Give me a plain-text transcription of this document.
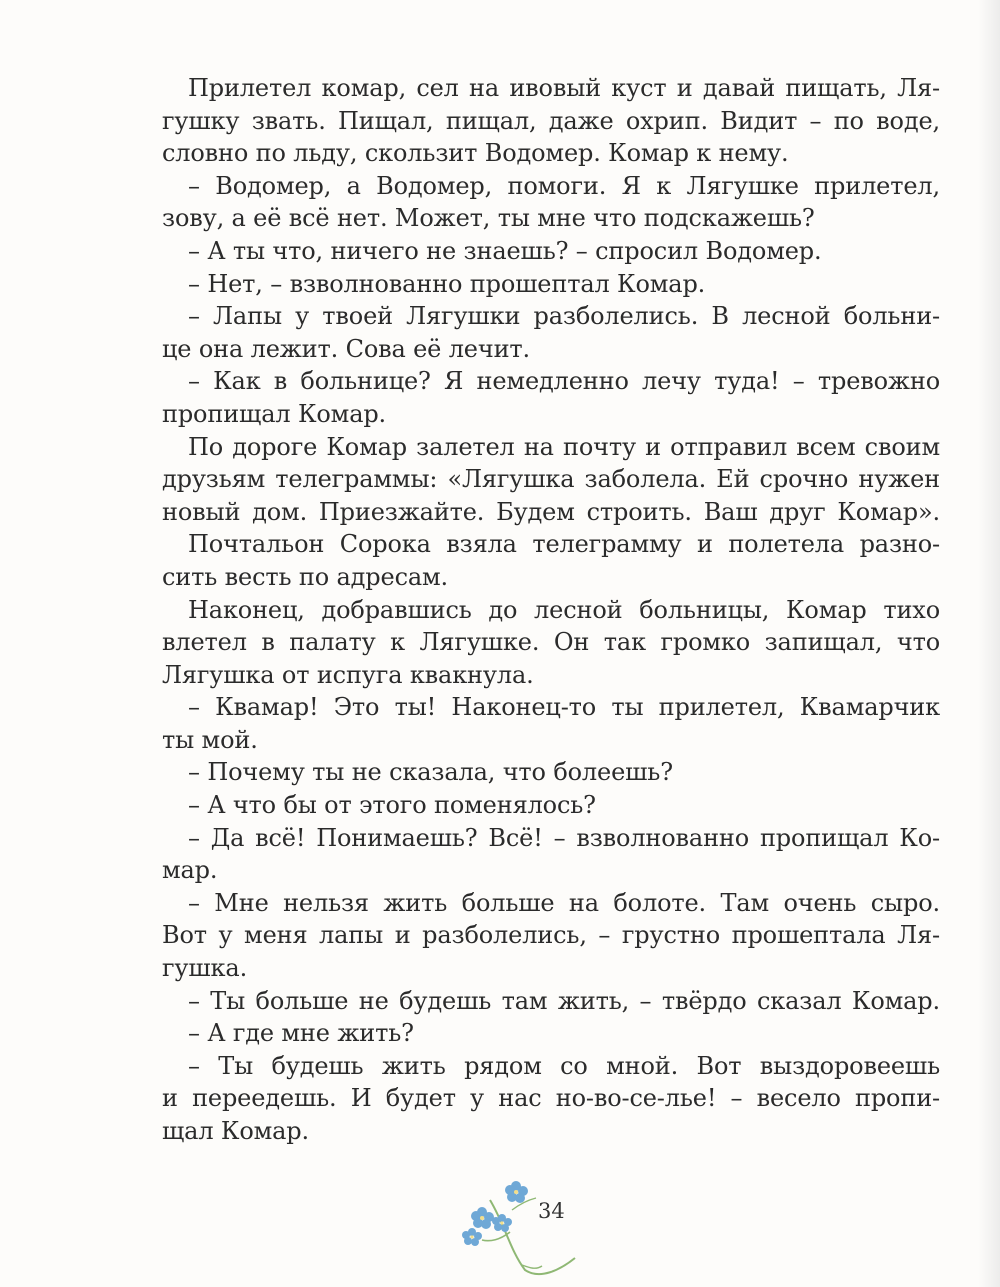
Прилетел комар, сел на ивовый куст и давай пищать, Ля-
гушку звать. Пищал, пищал, даже охрип. Видит – по воде,
словно по льду, скользит Водомер. Комар к нему.
– Водомер, а Водомер, помоги. Я к Лягушке прилетел,
зову, а её всё нет. Может, ты мне что подскажешь?
– А ты что, ничего не знаешь? – спросил Водомер.
– Нет, – взволнованно прошептал Комар.
– Лапы у твоей Лягушки разболелись. В лесной больни-
це она лежит. Сова её лечит.
– Как в больнице? Я немедленно лечу туда! – тревожно
пропищал Комар.
По дороге Комар залетел на почту и отправил всем своим
друзьям телеграммы: «Лягушка заболела. Ей срочно нужен
новый дом. Приезжайте. Будем строить. Ваш друг Комар».
Почтальон Сорока взяла телеграмму и полетела разно-
сить весть по адресам.
Наконец, добравшись до лесной больницы, Комар тихо
влетел в палату к Лягушке. Он так громко запищал, что
Лягушка от испуга квакнула.
– Квамар! Это ты! Наконец-то ты прилетел, Квамарчик
ты мой.
– Почему ты не сказала, что болеешь?
– А что бы от этого поменялось?
– Да всё! Понимаешь? Всё! – взволнованно пропищал Ко-
мар.
– Мне нельзя жить больше на болоте. Там очень сыро.
Вот у меня лапы и разболелись, – грустно прошептала Ля-
гушка.
– Ты больше не будешь там жить, – твёрдо сказал Комар.
– А где мне жить?
– Ты будешь жить рядом со мной. Вот выздоровеешь
и переедешь. И будет у нас но-во-се-лье! – весело пропи-
щал Комар.
34
